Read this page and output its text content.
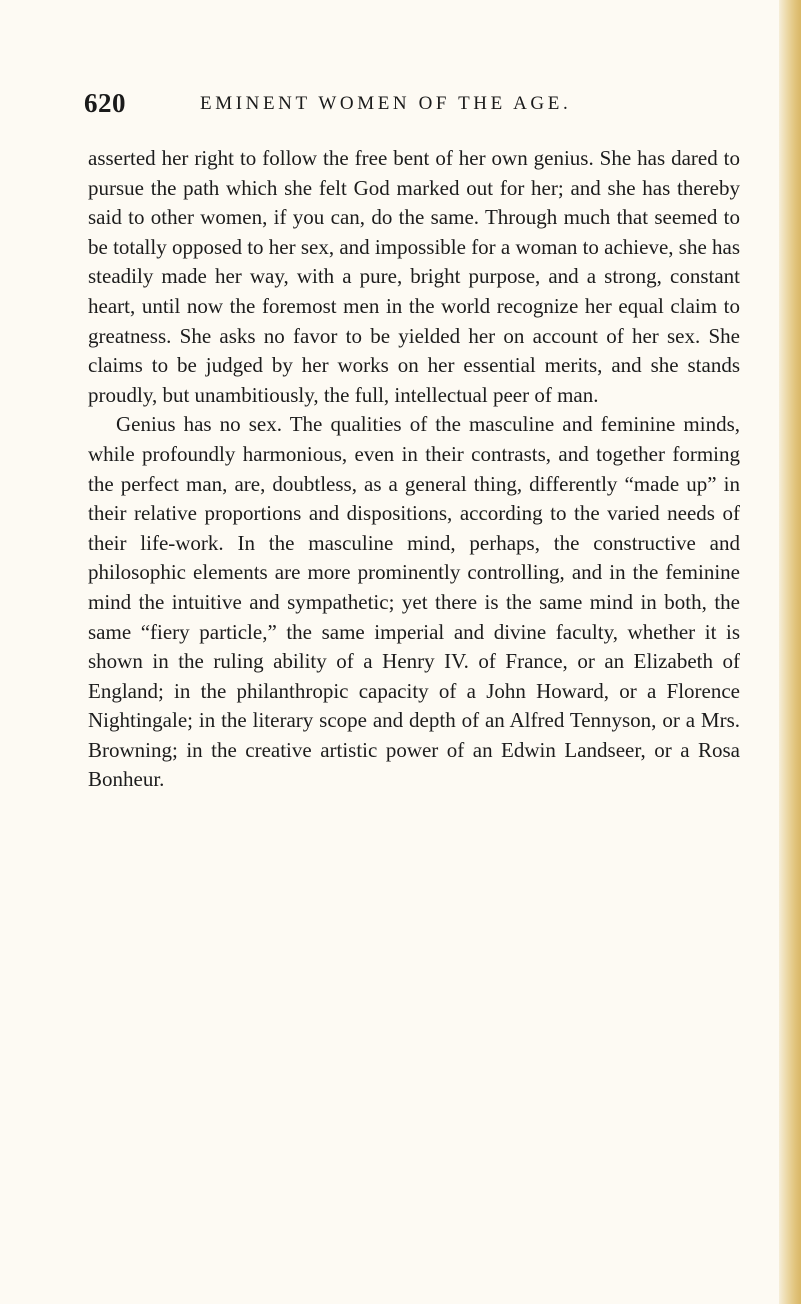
620	EMINENT WOMEN OF THE AGE.

asserted her right to follow the free bent of her own genius. She has dared to pursue the path which she felt God marked out for her; and she has thereby said to other women, if you can, do the same. Through much that seemed to be totally opposed to her sex, and impossible for a woman to achieve, she has steadily made her way, with a pure, bright purpose, and a strong, constant heart, until now the foremost men in the world recognize her equal claim to greatness. She asks no favor to be yielded her on account of her sex. She claims to be judged by her works on her essential merits, and she stands proudly, but unambitiously, the full, intellectual peer of man.

Genius has no sex. The qualities of the masculine and feminine minds, while profoundly harmonious, even in their contrasts, and together forming the perfect man, are, doubtless, as a general thing, differently “made up” in their relative proportions and dispositions, according to the varied needs of their life-work. In the masculine mind, perhaps, the constructive and philosophic elements are more prominently controlling, and in the feminine mind the intuitive and sympathetic; yet there is the same mind in both, the same “fiery particle,” the same imperial and divine faculty, whether it is shown in the ruling ability of a Henry IV. of France, or an Elizabeth of England; in the philanthropic capacity of a John Howard, or a Florence Nightingale; in the literary scope and depth of an Alfred Tennyson, or a Mrs. Browning; in the creative artistic power of an Edwin Landseer, or a Rosa Bonheur.
